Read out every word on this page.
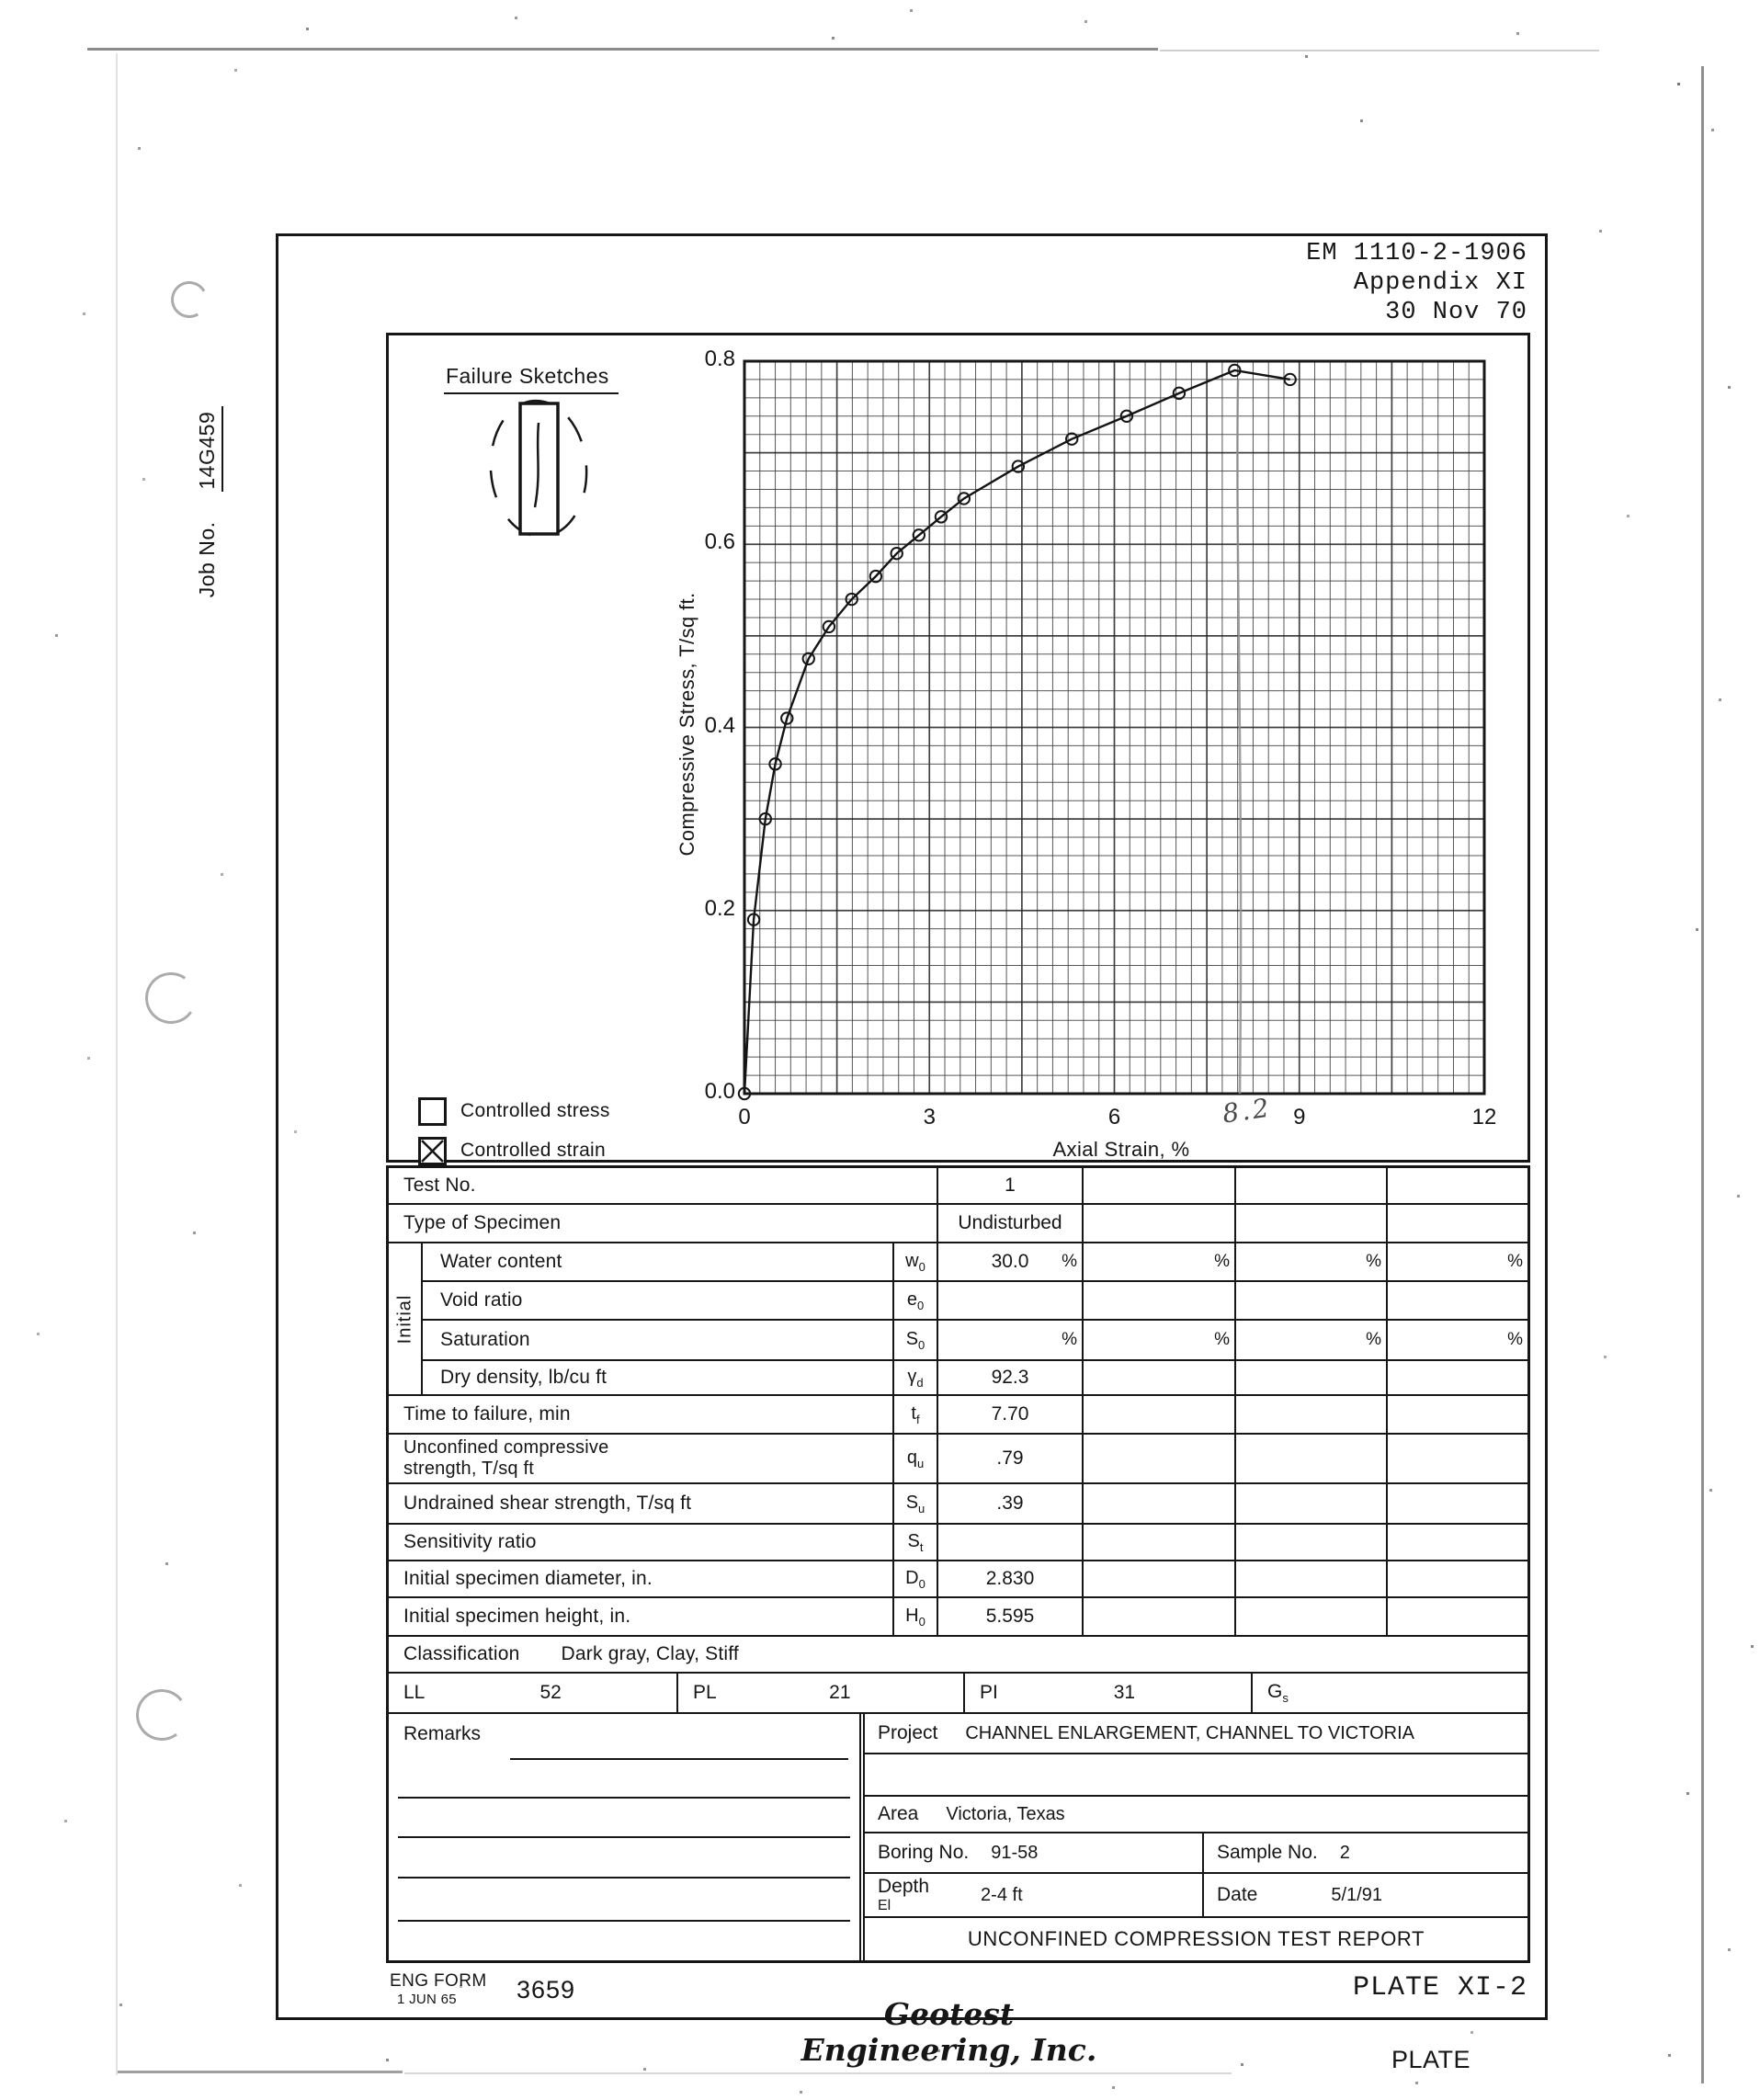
Job No. 14G459
EM 1110-2-1906
Appendix XI
30 Nov 70
Failure Sketches
Compressive Stress, T/sq ft.
Axial Strain, %
8.2
Controlled stress
Controlled strain
Initial
Test No.	1
Type of Specimen	Undisturbed
Water content	$w_0$	30.0 %	%	%	%
Void ratio	$e_0$
Saturation	$S_0$	%	%	%	%
Dry density, lb/cu ft	$\gamma_d$	92.3
Time to failure, min	$t_f$	7.70
Unconfined compressive
strength, T/sq ft
$q_u$	.79
Undrained shear strength, T/sq ft	$S_u$	.39
Sensitivity ratio	$S_t$
Initial specimen diameter, in.	$D_0$	2.830
Initial specimen height, in.	$H_0$	5.595
Classification Dark gray, Clay, Stiff
LL	52	PL	21	PI	31	$G_s$
Remarks	Project CHANNEL ENLARGEMENT, CHANNEL TO VICTORIA
Area Victoria, Texas
Boring No. 91-58	Sample No. 2
Depth
El
2-4 ft	Date	5/1/91
UNCONFINED COMPRESSION TEST REPORT
ENG FORM
1 JUN 65	3659	PLATE XI-2
Geotest Engineering, Inc.	PLATE
0.8
0.6
0.4
0.2
0.0
0	3	6	9	12
